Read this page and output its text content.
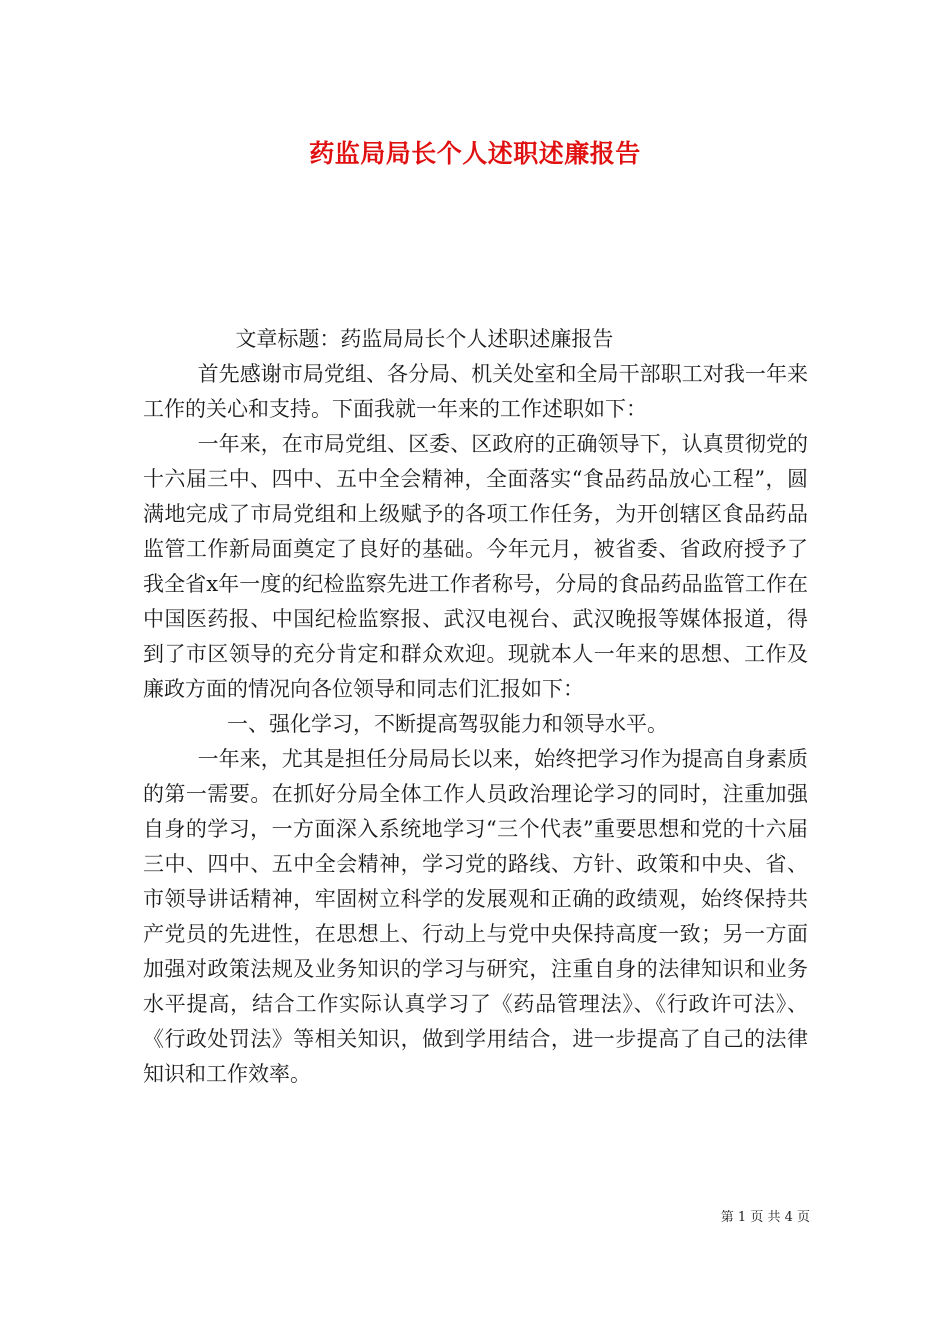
药监局局长个人述职述廉报告

文章标题：药监局局长个人述职述廉报告

首先感谢市局党组、各分局、机关处室和全局干部职工对我一年来工作的关心和支持。下面我就一年来的工作述职如下：

一年来，在市局党组、区委、区政府的正确领导下，认真贯彻党的十六届三中、四中、五中全会精神，全面落实“食品药品放心工程”，圆满地完成了市局党组和上级赋予的各项工作任务，为开创辖区食品药品监管工作新局面奠定了良好的基础。今年元月，被省委、省政府授予了我全省x年一度的纪检监察先进工作者称号，分局的食品药品监管工作在中国医药报、中国纪检监察报、武汉电视台、武汉晚报等媒体报道，得到了市区领导的充分肯定和群众欢迎。现就本人一年来的思想、工作及廉政方面的情况向各位领导和同志们汇报如下：

一、强化学习，不断提高驾驭能力和领导水平。

一年来，尤其是担任分局局长以来，始终把学习作为提高自身素质的第一需要。在抓好分局全体工作人员政治理论学习的同时，注重加强自身的学习，一方面深入系统地学习“三个代表”重要思想和党的十六届三中、四中、五中全会精神，学习党的路线、方针、政策和中央、省、市领导讲话精神，牢固树立科学的发展观和正确的政绩观，始终保持共产党员的先进性，在思想上、行动上与党中央保持高度一致；另一方面加强对政策法规及业务知识的学习与研究，注重自身的法律知识和业务水平提高，结合工作实际认真学习了《药品管理法》、《行政许可法》、《行政处罚法》等相关知识，做到学用结合，进一步提高了自己的法律知识和工作效率。

第 1 页 共 4 页
